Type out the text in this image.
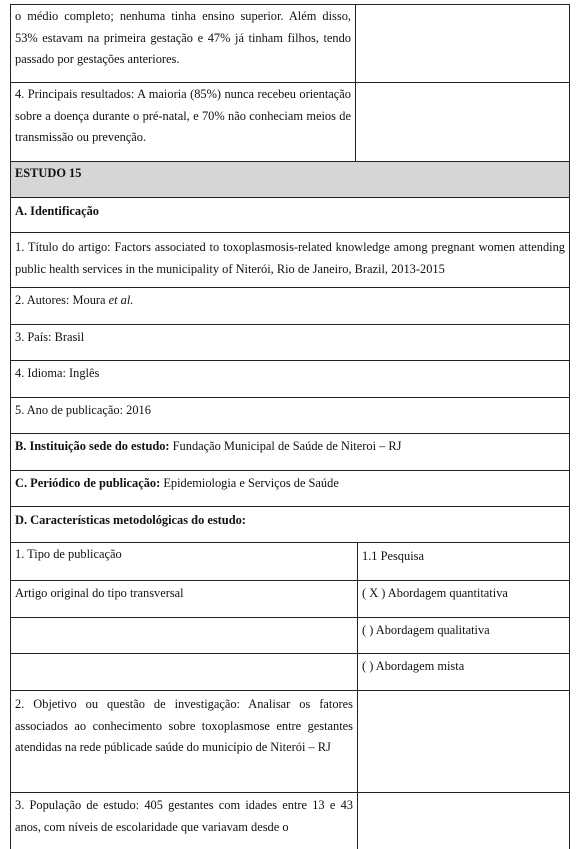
o médio completo; nenhuma tinha ensino superior. Além disso, 53% estavam na primeira gestação e 47% já tinham filhos, tendo passado por gestações anteriores.
4. Principais resultados: A maioria (85%) nunca recebeu orientação sobre a doença durante o pré-natal, e 70% não conheciam meios de transmissão ou prevenção.
ESTUDO 15
A. Identificação
1. Título do artigo: Factors associated to toxoplasmosis-related knowledge among pregnant women attending public health services in the municipality of Niterói, Rio de Janeiro, Brazil, 2013-2015
2. Autores: Moura et al.
3. País: Brasil
4. Idioma: Inglês
5. Ano de publicação: 2016
B. Instituição sede do estudo: Fundação Municipal de Saúde de Niteroi – RJ
C. Periódico de publicação: Epidemiologia e Serviços de Saúde
D. Características metodológicas do estudo:
1. Tipo de publicação	1.1 Pesquisa
Artigo original do tipo transversal	( X ) Abordagem quantitativa
( ) Abordagem qualitativa
( ) Abordagem mista
2. Objetivo ou questão de investigação: Analisar os fatores associados ao conhecimento sobre toxoplasmose entre gestantes atendidas na rede públicade saúde do município de Niterói – RJ
3. População de estudo: 405 gestantes com idades entre 13 e 43 anos, com níveis de escolaridade que variavam desde o
